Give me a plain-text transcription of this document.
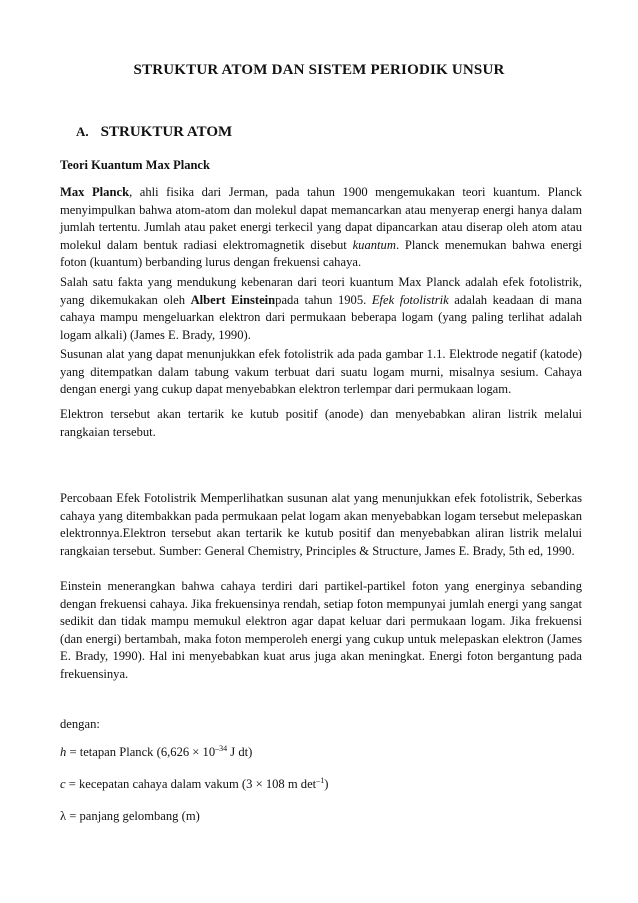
STRUKTUR ATOM DAN SISTEM PERIODIK UNSUR
A. STRUKTUR ATOM
Teori Kuantum Max Planck

Max Planck, ahli fisika dari Jerman, pada tahun 1900 mengemukakan teori kuantum. Planck menyimpulkan bahwa atom-atom dan molekul dapat memancarkan atau menyerap energi hanya dalam jumlah tertentu. Jumlah atau paket energi terkecil yang dapat dipancarkan atau diserap oleh atom atau molekul dalam bentuk radiasi elektromagnetik disebut kuantum. Planck menemukan bahwa energi foton (kuantum) berbanding lurus dengan frekuensi cahaya.

Salah satu fakta yang mendukung kebenaran dari teori kuantum Max Planck adalah efek fotolistrik, yang dikemukakan oleh Albert Einsteinpada tahun 1905. Efek fotolistrik adalah keadaan di mana cahaya mampu mengeluarkan elektron dari permukaan beberapa logam (yang paling terlihat adalah logam alkali) (James E. Brady, 1990).

Susunan alat yang dapat menunjukkan efek fotolistrik ada pada gambar 1.1. Elektrode negatif (katode) yang ditempatkan dalam tabung vakum terbuat dari suatu logam murni, misalnya sesium. Cahaya dengan energi yang cukup dapat menyebabkan elektron terlempar dari permukaan logam.

Elektron tersebut akan tertarik ke kutub positif (anode) dan menyebabkan aliran listrik melalui rangkaian tersebut.

Percobaan Efek Fotolistrik Memperlihatkan susunan alat yang menunjukkan efek fotolistrik, Seberkas cahaya yang ditembakkan pada permukaan pelat logam akan menyebabkan logam tersebut melepaskan elektronnya.Elektron tersebut akan tertarik ke kutub positif dan menyebabkan aliran listrik melalui rangkaian tersebut. Sumber: General Chemistry, Principles & Structure, James E. Brady, 5th ed, 1990.

Einstein menerangkan bahwa cahaya terdiri dari partikel-partikel foton yang energinya sebanding dengan frekuensi cahaya. Jika frekuensinya rendah, setiap foton mempunyai jumlah energi yang sangat sedikit dan tidak mampu memukul elektron agar dapat keluar dari permukaan logam. Jika frekuensi (dan energi) bertambah, maka foton memperoleh energi yang cukup untuk melepaskan elektron (James E. Brady, 1990). Hal ini menyebabkan kuat arus juga akan meningkat. Energi foton bergantung pada frekuensinya.

dengan:

h = tetapan Planck ($6,626 \times 10^{-34}$ J dt)

c = kecepatan cahaya dalam vakum (3 × 108 m $\det^{-1}$)

λ = panjang gelombang (m)
